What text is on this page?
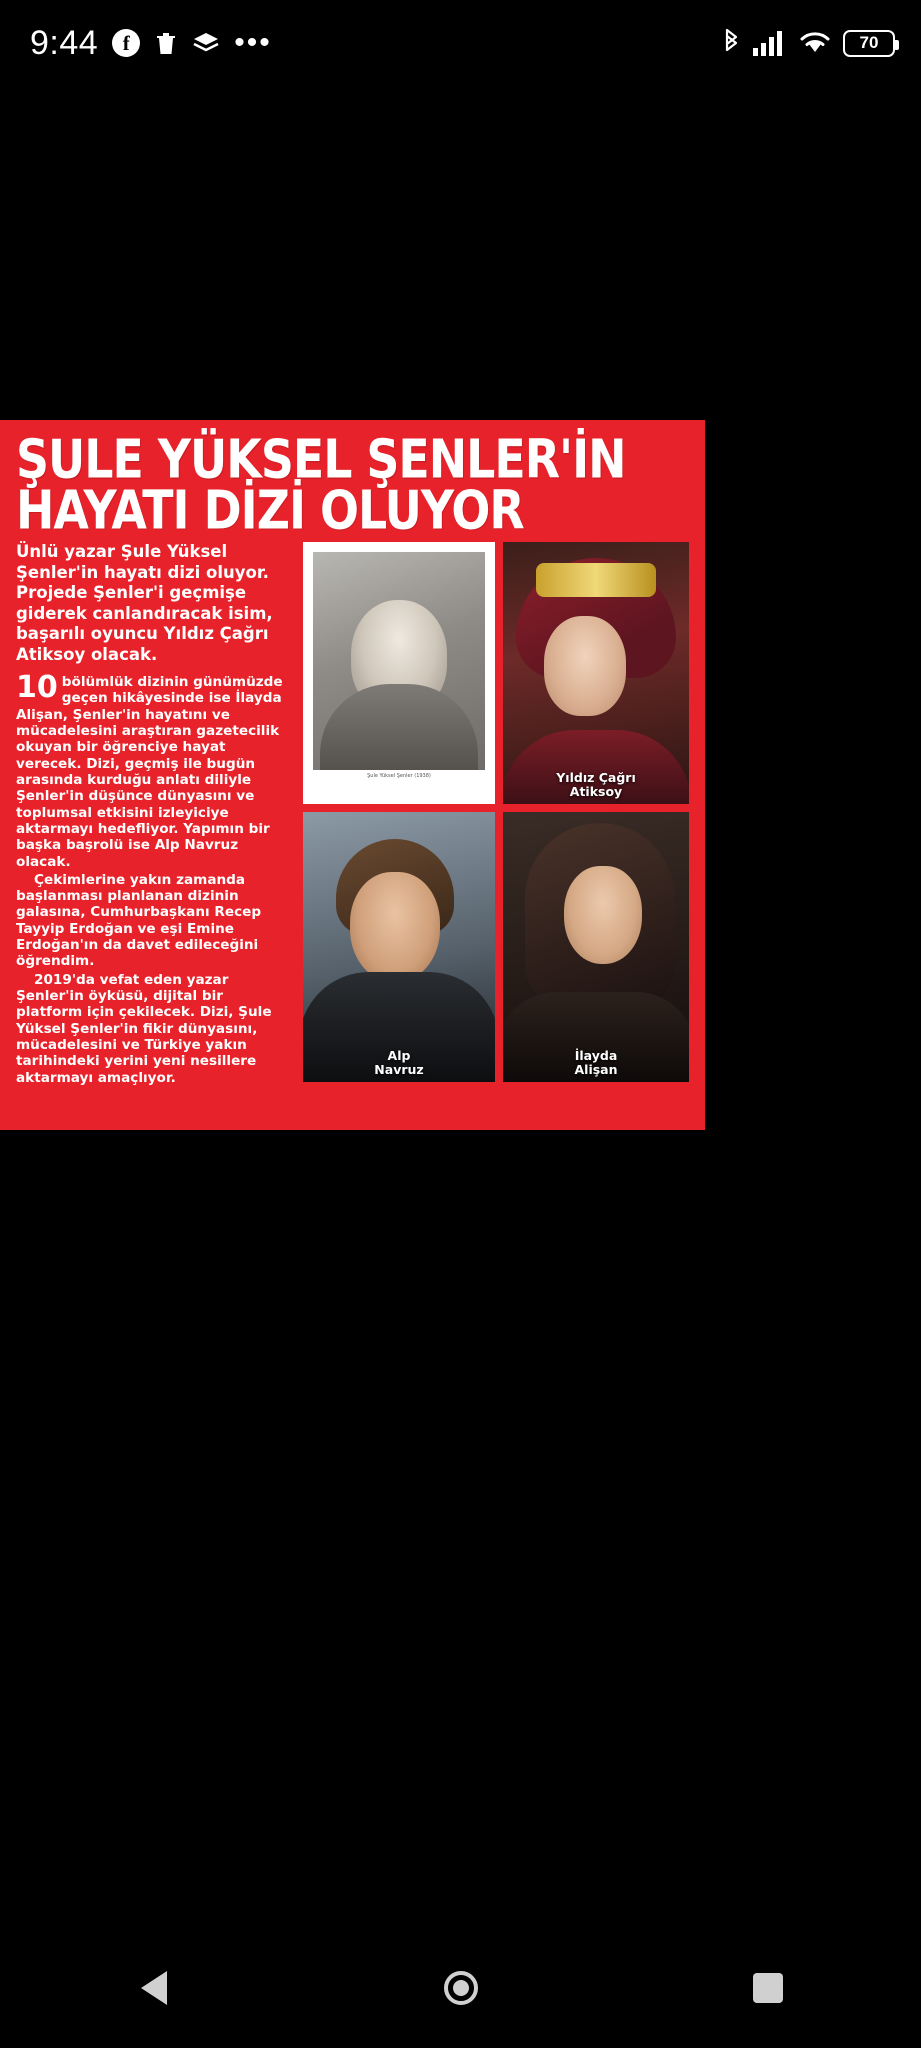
9:44	f	•••	70
ŞULE YÜKSEL ŞENLER'İN
HAYATI DİZİ OLUYOR

Ünlü yazar Şule Yüksel Şenler'in hayatı dizi oluyor. Projede Şenler'i geçmişe giderek canlandıracak isim, başarılı oyuncu Yıldız Çağrı Atiksoy olacak.

10 bölümlük dizinin günümüzde geçen hikâyesinde ise İlayda Alişan, Şenler'in hayatını ve mücadelesini araştıran gazetecilik okuyan bir öğrenciye hayat verecek. Dizi, geçmiş ile bugün arasında kurduğu anlatı diliyle Şenler'in düşünce dünyasını ve toplumsal etkisini izleyiciye aktarmayı hedefliyor. Yapımın bir başka başrolü ise Alp Navruz olacak.

Çekimlerine yakın zamanda başlanması planlanan dizinin galasına, Cumhurbaşkanı Recep Tayyip Erdoğan ve eşi Emine Erdoğan'ın da davet edileceğini öğrendim.

2019'da vefat eden yazar Şenler'in öyküsü, dijital bir platform için çekilecek. Dizi, Şule Yüksel Şenler'in fikir dünyasını, mücadelesini ve Türkiye yakın tarihindeki yerini yeni nesillere aktarmayı amaçlıyor.

Şule Yüksel Şenler (1938)	Yıldız Çağrı
Atiksoy
Alp
Navruz
İlayda
Alişan
